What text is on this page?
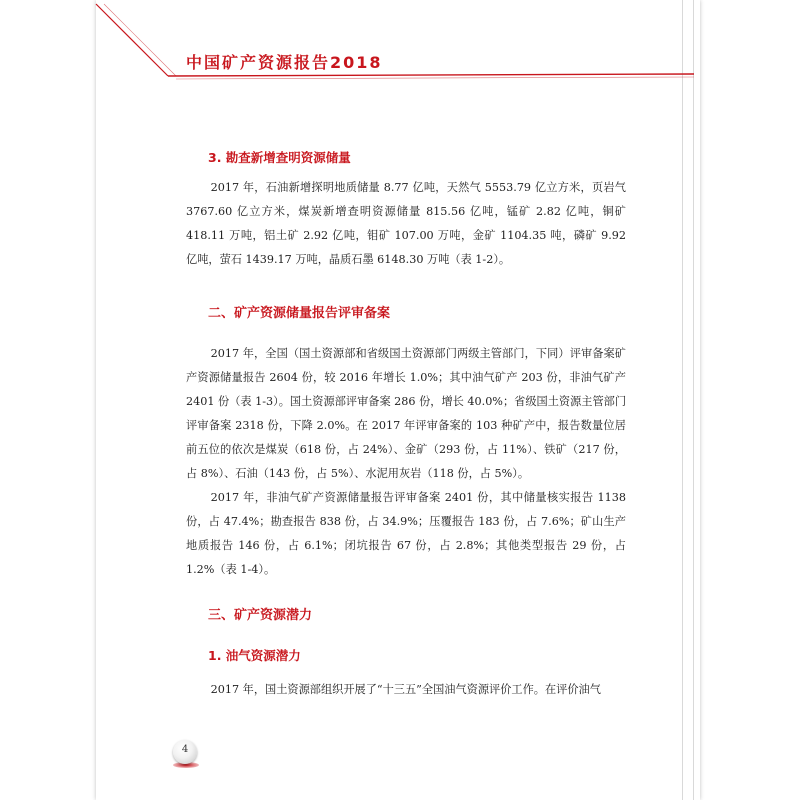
中国矿产资源报告2018
3. 勘查新增查明资源储量

2017 年，石油新增探明地质储量 8.77 亿吨，天然气 5553.79 亿立方米，页岩气 3767.60 亿立方米，煤炭新增查明资源储量 815.56 亿吨，锰矿 2.82 亿吨，铜矿 418.11 万吨，铝土矿 2.92 亿吨，钼矿 107.00 万吨，金矿 1104.35 吨，磷矿 9.92 亿吨，萤石 1439.17 万吨，晶质石墨 6148.30 万吨（表 1-2）。

二、矿产资源储量报告评审备案

2017 年，全国（国土资源部和省级国土资源部门两级主管部门，下同）评审备案矿产资源储量报告 2604 份，较 2016 年增长 1.0%；其中油气矿产 203 份，非油气矿产 2401 份（表 1-3）。国土资源部评审备案 286 份，增长 40.0%；省级国土资源主管部门评审备案 2318 份，下降 2.0%。在 2017 年评审备案的 103 种矿产中，报告数量位居前五位的依次是煤炭（618 份，占 24%）、金矿（293 份，占 11%）、铁矿（217 份，占 8%）、石油（143 份，占 5%）、水泥用灰岩（118 份，占 5%）。

2017 年，非油气矿产资源储量报告评审备案 2401 份，其中储量核实报告 1138 份，占 47.4%；勘查报告 838 份，占 34.9%；压覆报告 183 份，占 7.6%；矿山生产地质报告 146 份，占 6.1%；闭坑报告 67 份，占 2.8%；其他类型报告 29 份，占 1.2%（表 1-4）。

三、矿产资源潜力
1. 油气资源潜力

2017 年，国土资源部组织开展了“十三五”全国油气资源评价工作。在评价油气

4
